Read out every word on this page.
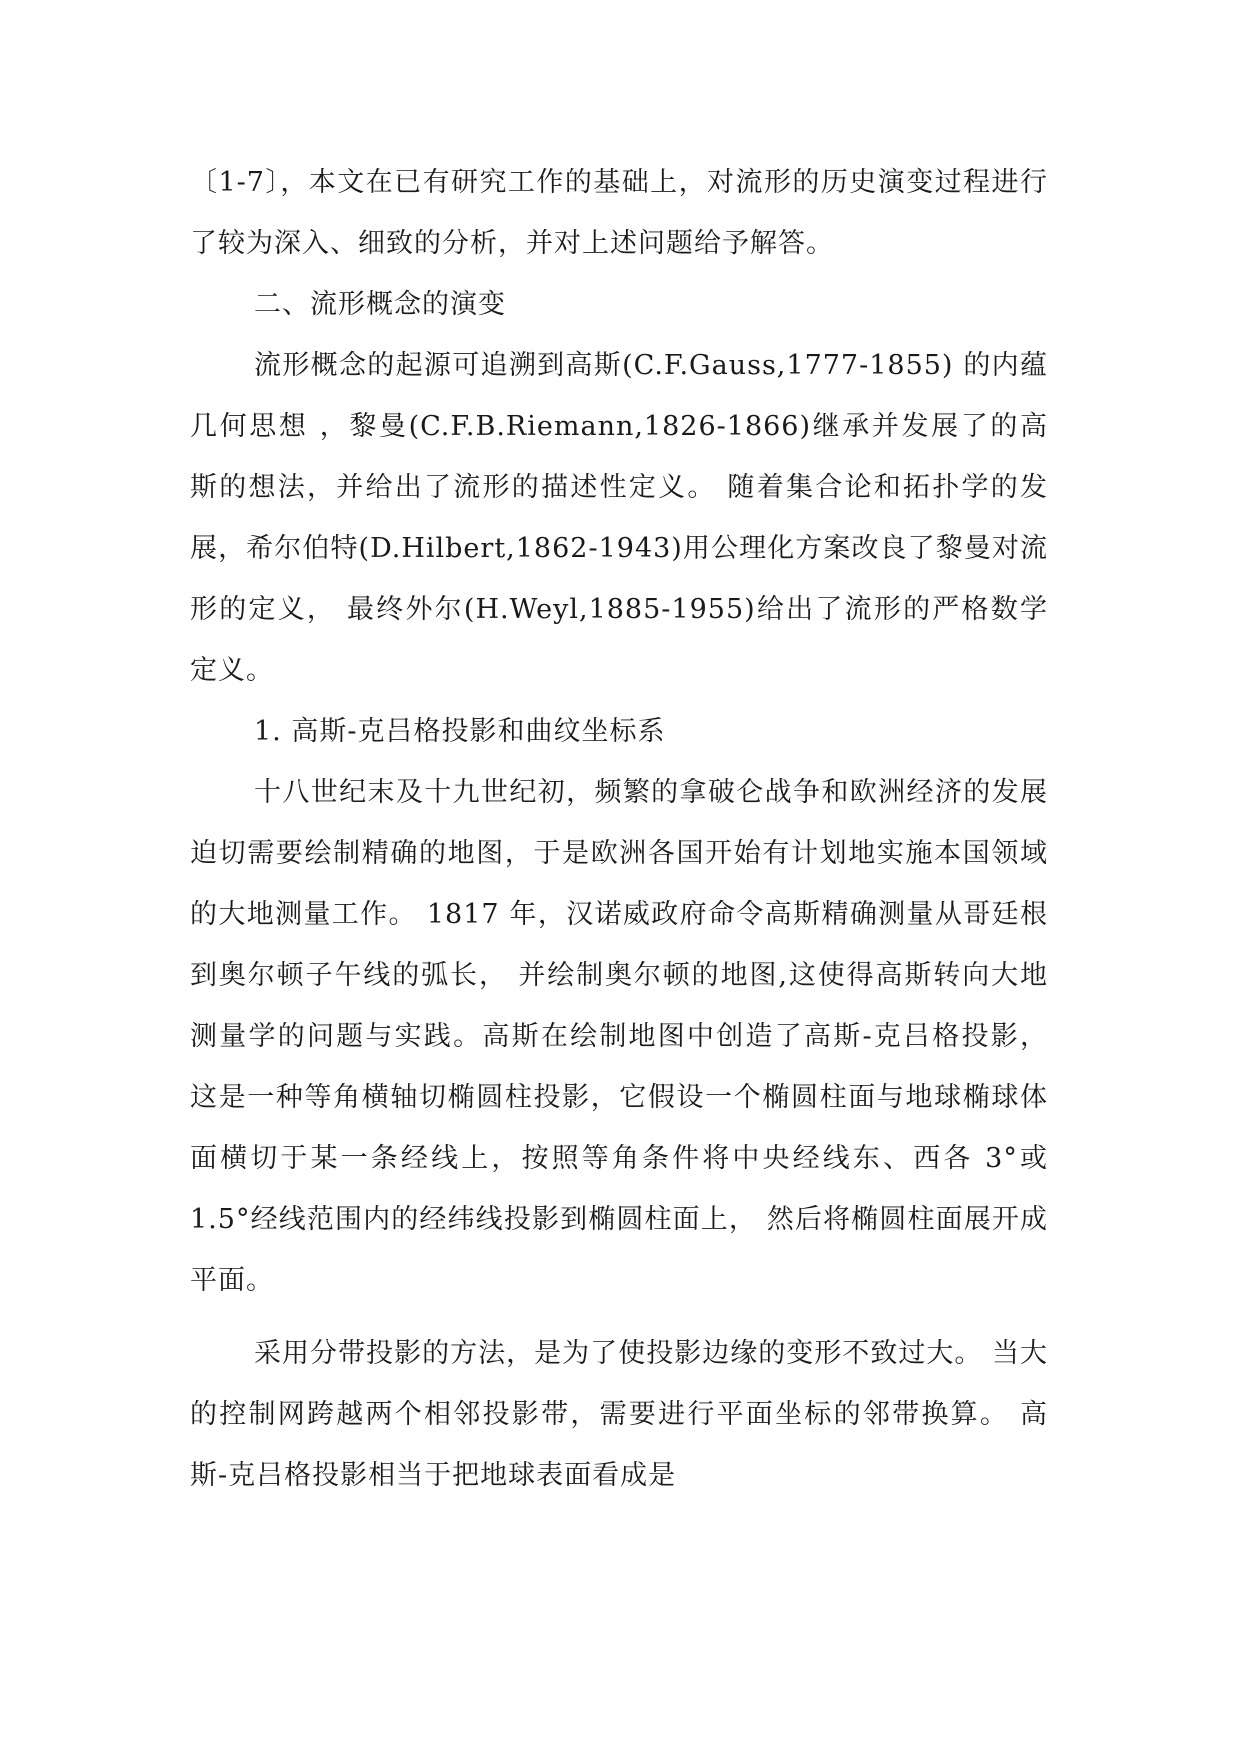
〔1-7〕，本文在已有研究工作的基础上，对流形的历史演变过程进行了较为深入、细致的分析，并对上述问题给予解答。

二、流形概念的演变

流形概念的起源可追溯到高斯(C.F.Gauss,1777-1855) 的内蕴几何思想 ，黎曼(C.F.B.Riemann,1826-1866)继承并发展了的高斯的想法，并给出了流形的描述性定义。 随着集合论和拓扑学的发展，希尔伯特(D.Hilbert,1862-1943)用公理化方案改良了黎曼对流形的定义， 最终外尔(H.Weyl,1885-1955)给出了流形的严格数学定义。

1. 高斯-克吕格投影和曲纹坐标系

十八世纪末及十九世纪初，频繁的拿破仑战争和欧洲经济的发展迫切需要绘制精确的地图，于是欧洲各国开始有计划地实施本国领域的大地测量工作。 1817 年，汉诺威政府命令高斯精确测量从哥廷根到奥尔顿子午线的弧长， 并绘制奥尔顿的地图,这使得高斯转向大地测量学的问题与实践。高斯在绘制地图中创造了高斯-克吕格投影， 这是一种等角横轴切椭圆柱投影，它假设一个椭圆柱面与地球椭球体面横切于某一条经线上，按照等角条件将中央经线东、西各 3°或 1.5°经线范围内的经纬线投影到椭圆柱面上， 然后将椭圆柱面展开成平面。

采用分带投影的方法，是为了使投影边缘的变形不致过大。 当大的控制网跨越两个相邻投影带，需要进行平面坐标的邻带换算。 高斯-克吕格投影相当于把地球表面看成是
